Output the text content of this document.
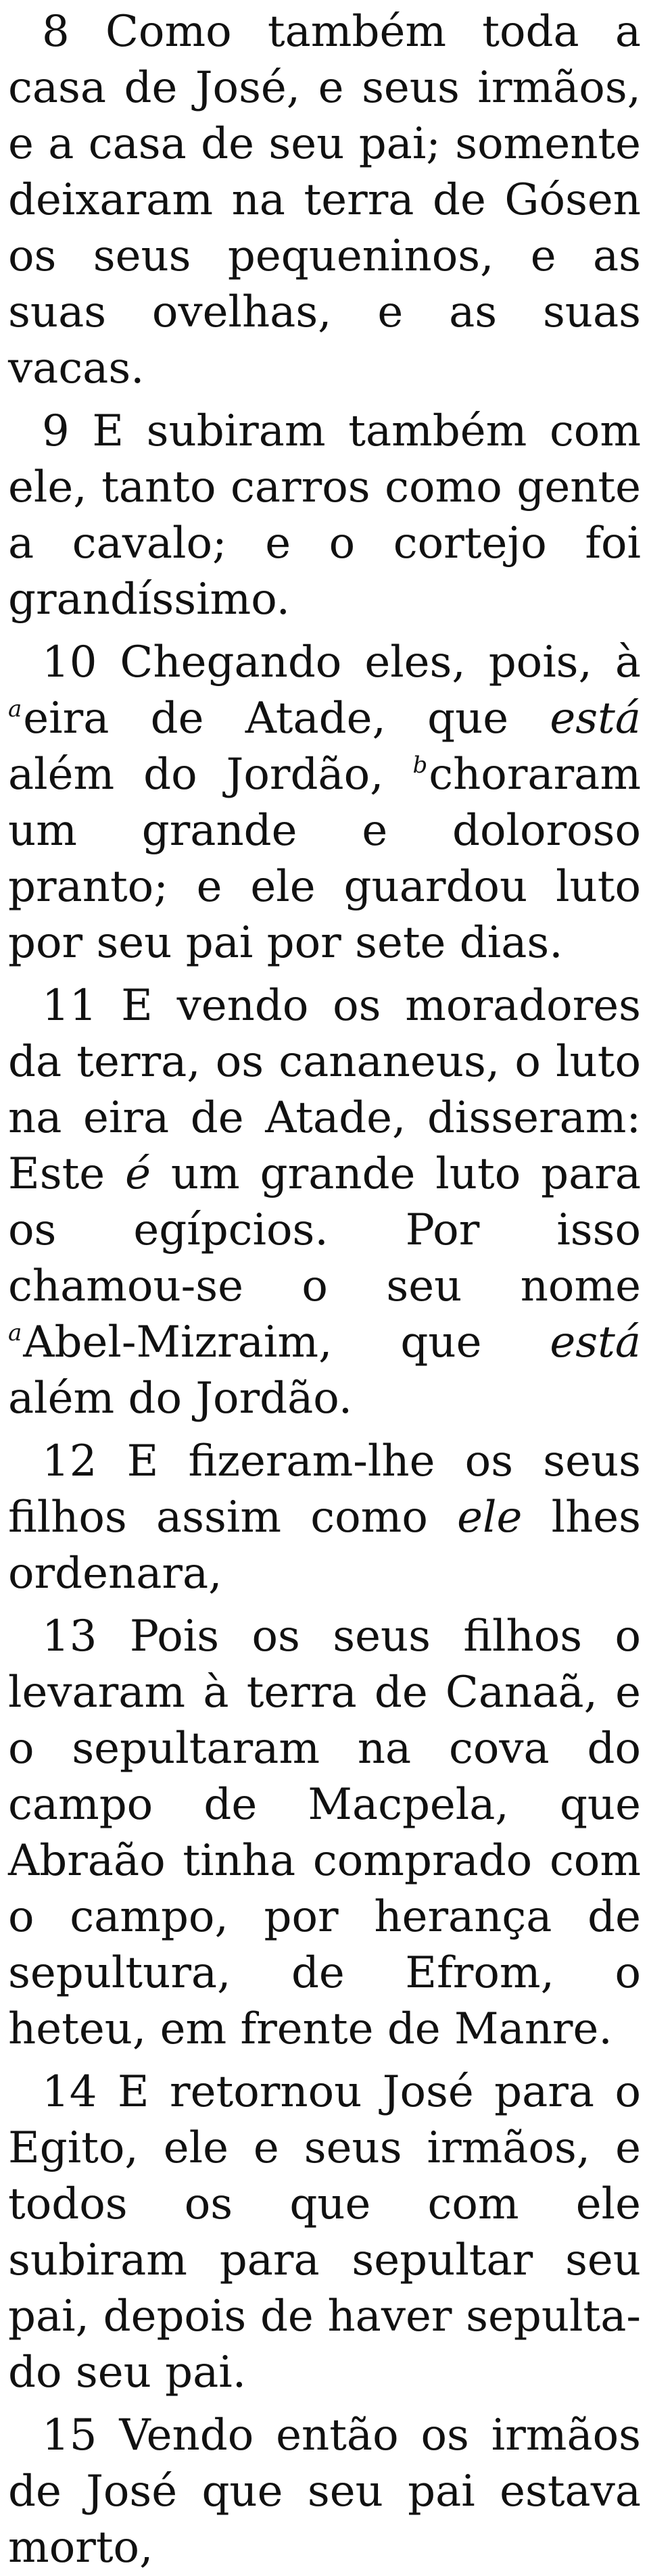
8 Como também toda a casa de José, e seus irmãos, e a casa de seu pai; somente deixaram na terra de Gósen os seus pequeninos, e as suas ovelhas, e as suas vacas.

9 E subiram também com ele, tanto carros como gente a cavalo; e o cortejo foi grandíssimo.

10 Chegando eles, pois, à $^a$eira de Atade, que está além do Jordão, $^b$choraram um grande e doloroso pranto; e ele guardou luto por seu pai por sete dias.

11 E vendo os moradores da terra, os cananeus, o luto na eira de Atade, disseram: Este é um grande luto para os egípcios. Por isso chamou-se o seu nome $^a$Abel-Mizraim, que está além do Jordão.

12 E fizeram-lhe os seus filhos assim como ele lhes ordenara,

13 Pois os seus filhos o levaram à terra de Canaã, e o sepultaram na cova do campo de Macpela, que Abraão tinha comprado com o campo, por herança de sepultura, de Efrom, o heteu, em frente de Manre.

14 E retornou José para o Egito, ele e seus irmãos, e todos os que com ele subiram para sepultar seu pai, depois de haver sepultado seu pai.

15 Vendo então os irmãos de José que seu pai estava morto,
